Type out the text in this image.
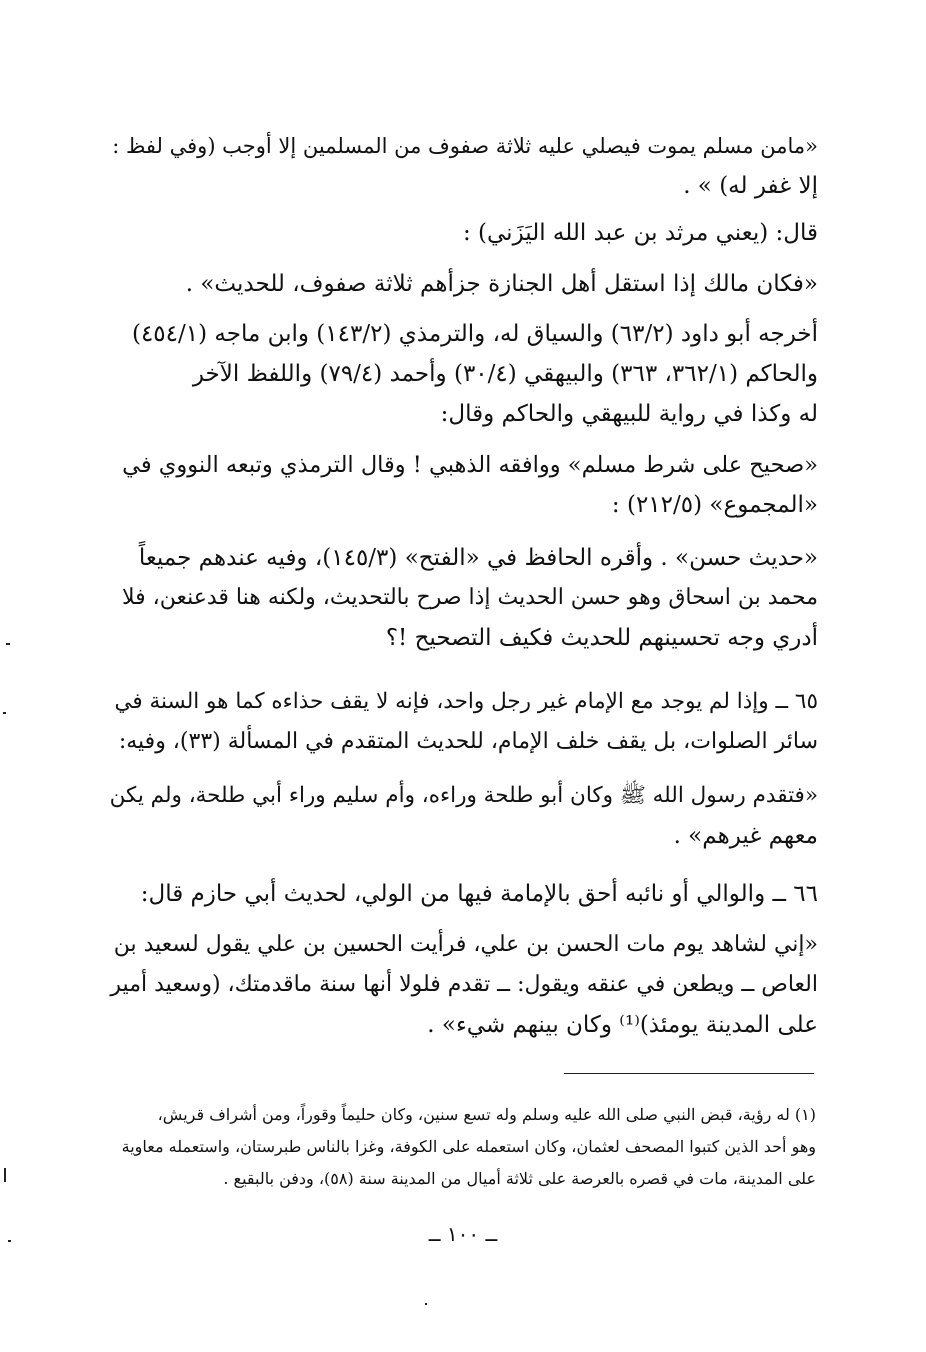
«مامن مسلم يموت فيصلي عليه ثلاثة صفوف من المسلمين إلا أوجب (وفي لفظ :
إلا غفر له) » .
قال: (يعني مرثد بن عبد الله اليَزَني) :
«فكان مالك إذا استقل أهل الجنازة جزأهم ثلاثة صفوف، للحديث» .
أخرجه أبو داود (٦٣/٢) والسياق له، والترمذي (١٤٣/٢) وابن ماجه (٤٥٤/١)
والحاكم (٣٦٢/١، ٣٦٣) والبيهقي (٣٠/٤) وأحمد (٧٩/٤) واللفظ الآخر
له وكذا في رواية للبيهقي والحاكم وقال:
«صحيح على شرط مسلم» ووافقه الذهبي ! وقال الترمذي وتبعه النووي في
«المجموع» (٢١٢/٥) :
«حديث حسن» . وأقره الحافظ في «الفتح» (١٤٥/٣)، وفيه عندهم جميعاً
محمد بن اسحاق وهو حسن الحديث إذا صرح بالتحديث، ولكنه هنا قدعنعن، فلا
أدري وجه تحسينهم للحديث فكيف التصحيح !؟
٦٥ ــ وإذا لم يوجد مع الإمام غير رجل واحد، فإنه لا يقف حذاءه كما هو السنة في
سائر الصلوات، بل يقف خلف الإمام، للحديث المتقدم في المسألة (٣٣)، وفيه:
«فتقدم رسول الله ﷺ وكان أبو طلحة وراءه، وأم سليم وراء أبي طلحة، ولم يكن
معهم غيرهم» .
٦٦ ــ والوالي أو نائبه أحق بالإمامة فيها من الولي، لحديث أبي حازم قال:
«إني لشاهد يوم مات الحسن بن علي، فرأيت الحسين بن علي يقول لسعيد بن
العاص ــ ويطعن في عنقه ويقول: ــ تقدم فلولا أنها سنة ماقدمتك، (وسعيد أمير
على المدينة يومئذ)⁽¹⁾ وكان بينهم شيء» .
(١) له رؤية، قبض النبي صلى الله عليه وسلم وله تسع سنين، وكان حليماً وقوراً، ومن أشراف قريش،
وهو أحد الذين كتبوا المصحف لعثمان، وكان استعمله على الكوفة، وغزا بالناس طبرستان، واستعمله معاوية
على المدينة، مات في قصره بالعرصة على ثلاثة أميال من المدينة سنة (٥٨)، ودفن بالبقيع .
ــ ١٠٠ ــ
